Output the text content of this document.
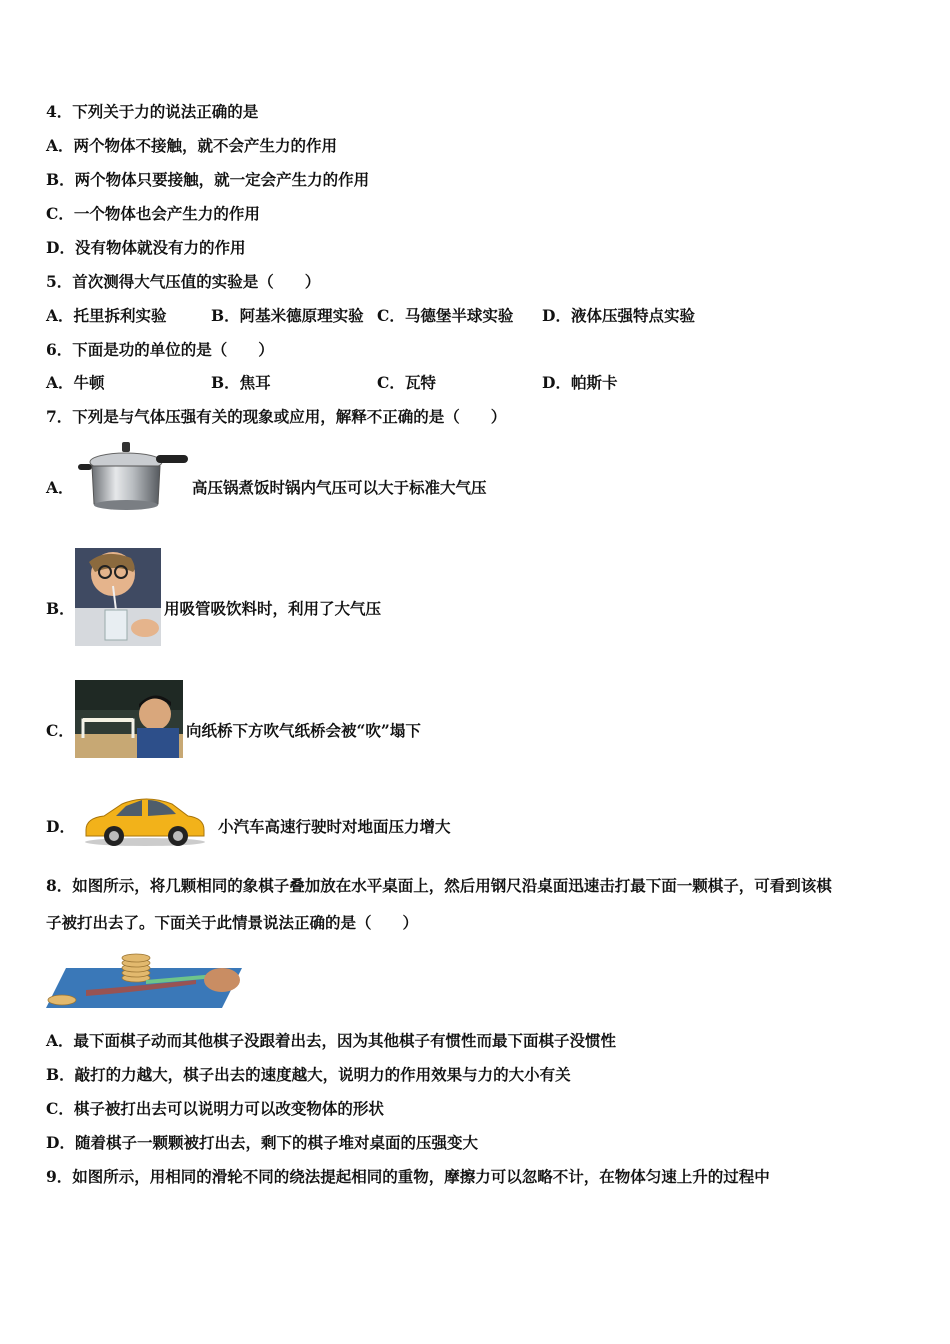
4．下列关于力的说法正确的是
A．两个物体不接触，就不会产生力的作用
B．两个物体只要接触，就一定会产生力的作用
C．一个物体也会产生力的作用
D．没有物体就没有力的作用
5．首次测得大气压值的实验是（　　）
A．托里拆利实验	B．阿基米德原理实验 C．马德堡半球实验 D．液体压强特点实验
6．下面是功的单位的是（　　）
A．牛顿	B．焦耳	C．瓦特	D．帕斯卡
7．下列是与气体压强有关的现象或应用，解释不正确的是（　　）
A．	高压锅煮饭时锅内气压可以大于标准大气压
B．	用吸管吸饮料时，利用了大气压
C．	向纸桥下方吹气纸桥会被“吹”塌下
D．	小汽车高速行驶时对地面压力增大
8．如图所示，将几颗相同的象棋子叠加放在水平桌面上，然后用钢尺沿桌面迅速击打最下面一颗棋子，可看到该棋
子被打出去了。下面关于此情景说法正确的是（　　）
A．最下面棋子动而其他棋子没跟着出去，因为其他棋子有惯性而最下面棋子没惯性
B．敲打的力越大，棋子出去的速度越大，说明力的作用效果与力的大小有关
C．棋子被打出去可以说明力可以改变物体的形状
D．随着棋子一颗颗被打出去，剩下的棋子堆对桌面的压强变大
9．如图所示，用相同的滑轮不同的绕法提起相同的重物，摩擦力可以忽略不计，在物体匀速上升的过程中
